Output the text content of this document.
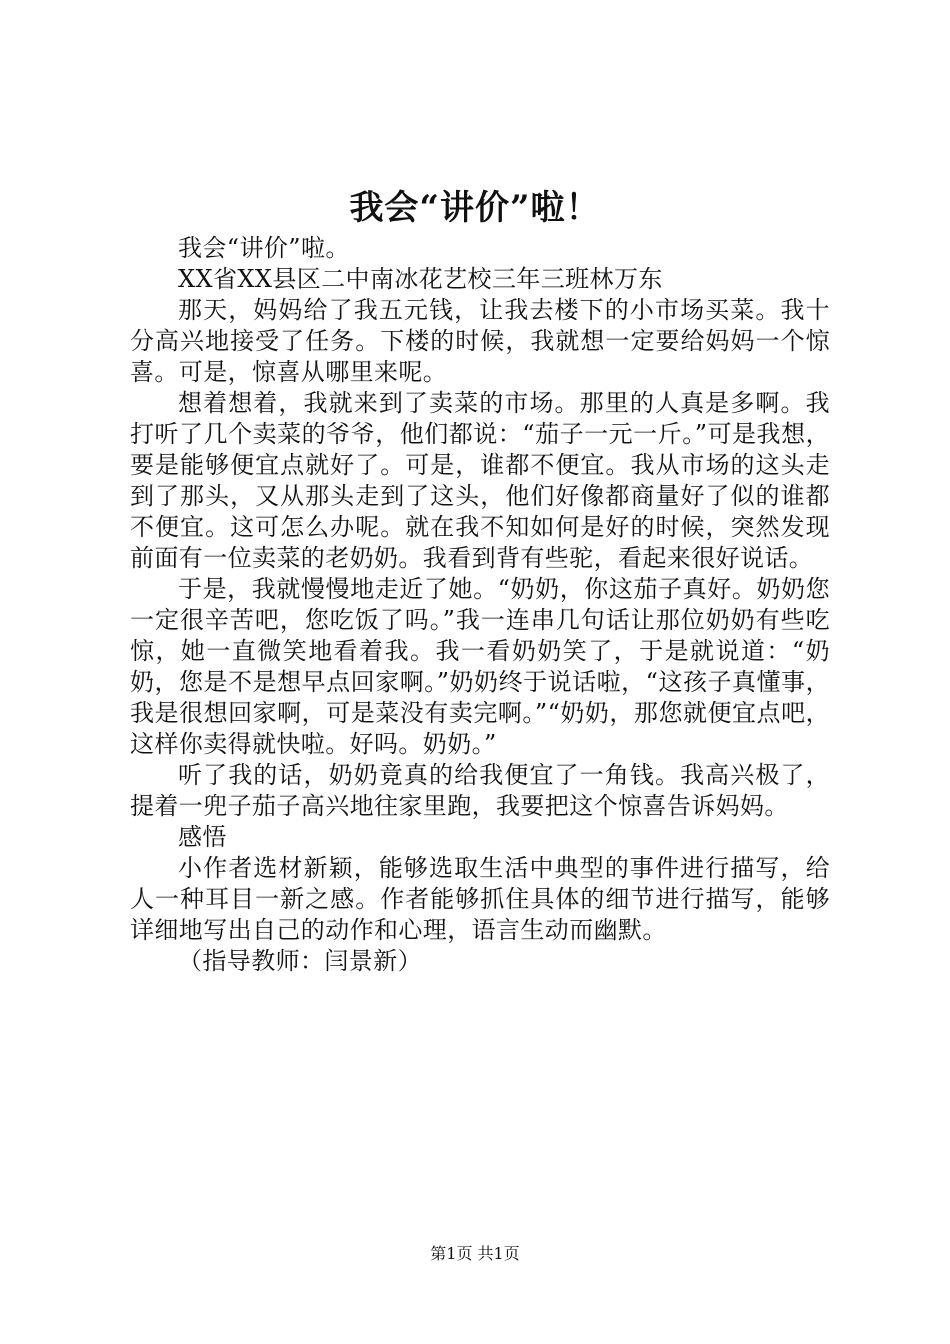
我会“讲价”啦！

我会“讲价”啦。

XX省XX县区二中南冰花艺校三年三班林万东

那天，妈妈给了我五元钱，让我去楼下的小市场买菜。我十分高兴地接受了任务。下楼的时候，我就想一定要给妈妈一个惊喜。可是，惊喜从哪里来呢。

想着想着，我就来到了卖菜的市场。那里的人真是多啊。我打听了几个卖菜的爷爷，他们都说：“茄子一元一斤。”可是我想，要是能够便宜点就好了。可是，谁都不便宜。我从市场的这头走到了那头，又从那头走到了这头，他们好像都商量好了似的谁都不便宜。这可怎么办呢。就在我不知如何是好的时候，突然发现前面有一位卖菜的老奶奶。我看到背有些驼，看起来很好说话。

于是，我就慢慢地走近了她。“奶奶，你这茄子真好。奶奶您一定很辛苦吧，您吃饭了吗。”我一连串几句话让那位奶奶有些吃惊，她一直微笑地看着我。我一看奶奶笑了，于是就说道：“奶奶，您是不是想早点回家啊。”奶奶终于说话啦，“这孩子真懂事，我是很想回家啊，可是菜没有卖完啊。”“奶奶，那您就便宜点吧，这样你卖得就快啦。好吗。奶奶。”

听了我的话，奶奶竟真的给我便宜了一角钱。我高兴极了，提着一兜子茄子高兴地往家里跑，我要把这个惊喜告诉妈妈。

感悟

小作者选材新颖，能够选取生活中典型的事件进行描写，给人一种耳目一新之感。作者能够抓住具体的细节进行描写，能够详细地写出自己的动作和心理，语言生动而幽默。

（指导教师：闫景新）

第1页 共1页
